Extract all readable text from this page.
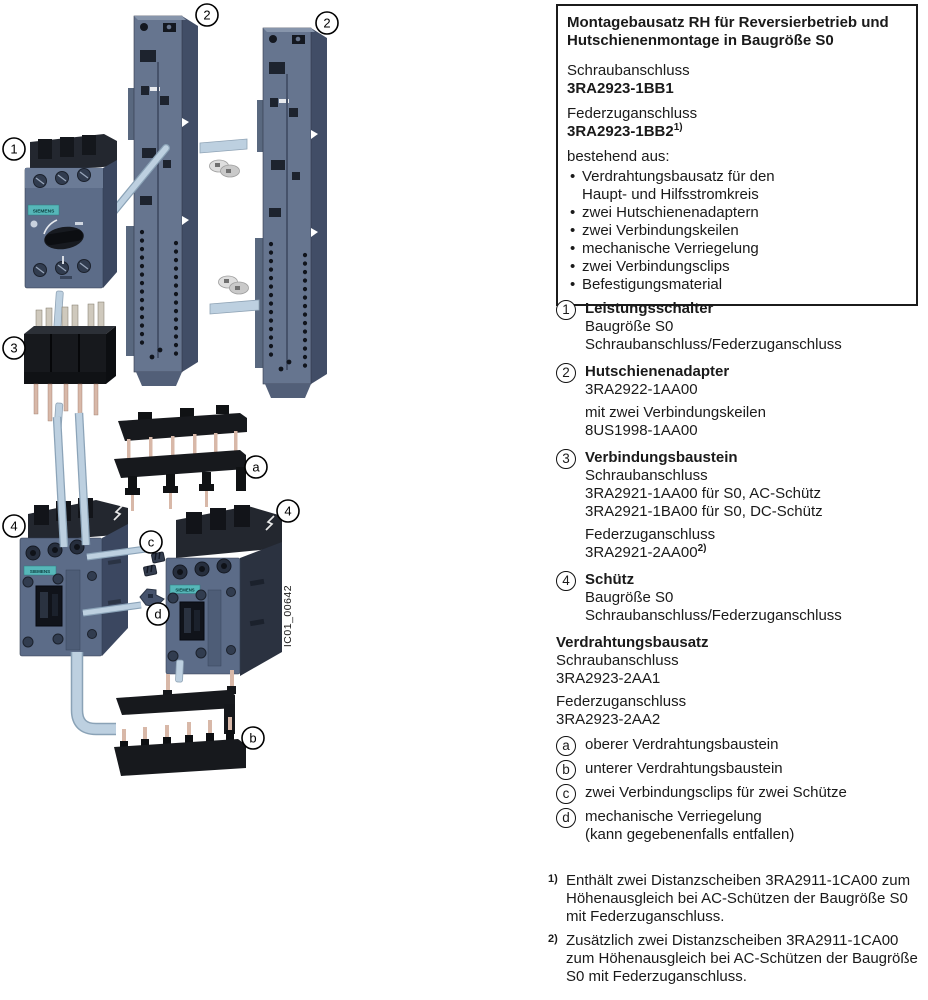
SIEMENS
SIEMENS
SIEMENS	IC01_00642
1
2
2
3
a
4
4
c
d
b
Montagebausatz RH für Reversierbetrieb und
Hutschienenmontage in Baugröße S0
Schraubanschluss
3RA2923-1BB1
Federzuganschluss
3RA2923-1BB2$^{1)}$
bestehend aus:
• Verdrahtungsbausatz für den
Haupt- und Hilfsstromkreis
• zwei Hutschienenadaptern
• zwei Verbindungskeilen
• mechanische Verriegelung
• zwei Verbindungsclips
• Befestigungsmaterial
1	Leistungsschalter
Baugröße S0
Schraubanschluss/Federzuganschluss
2	Hutschienenadapter
3RA2922-1AA00
mit zwei Verbindungskeilen
8US1998-1AA00
3	Verbindungsbaustein
Schraubanschluss
3RA2921-1AA00 für S0, AC-Schütz
3RA2921-1BA00 für S0, DC-Schütz
Federzuganschluss
3RA2921-2AA00$^{2)}$
4	Schütz
Baugröße S0
Schraubanschluss/Federzuganschluss
Verdrahtungsbausatz
Schraubanschluss
3RA2923-2AA1
Federzuganschluss
3RA2923-2AA2
a	oberer Verdrahtungsbaustein
b	unterer Verdrahtungsbaustein
c	zwei Verbindungsclips für zwei Schütze
d	mechanische Verriegelung
(kann gegebenenfalls entfallen)
1) Enthält zwei Distanzscheiben 3RA2911-1CA00 zum Höhenausgleich bei AC-Schützen der Baugröße S0 mit Federzuganschluss.
2) Zusätzlich zwei Distanzscheiben 3RA2911-1CA00 zum Höhenausgleich bei AC-Schützen der Baugröße S0 mit Federzuganschluss.
